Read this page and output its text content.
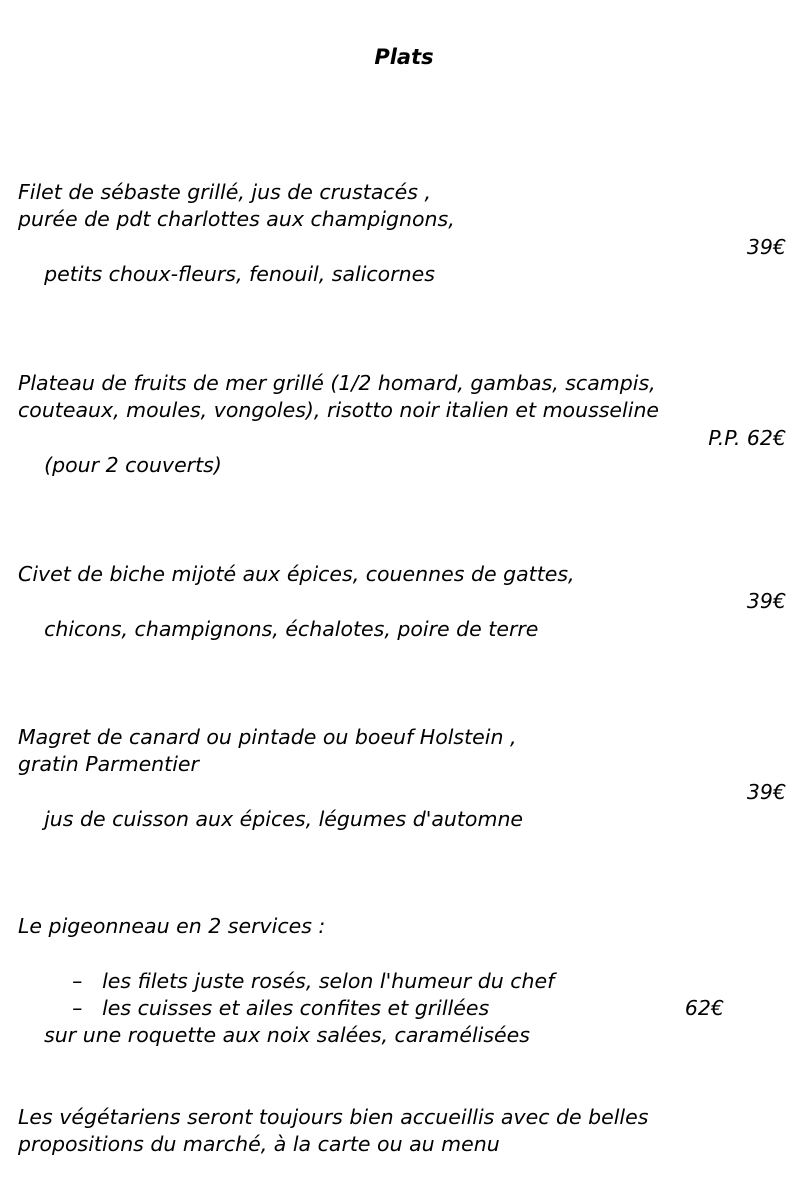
Plats
Filet de sébaste grillé, jus de crustacés ,
purée de pdt charlottes aux champignons,

petits choux-fleurs, fenouil, salicornes

39€

Plateau de fruits de mer grillé (1/2 homard, gambas, scampis,
couteaux, moules, vongoles), risotto noir italien et mousseline

(pour 2 couverts)

P.P. 62€

Civet de biche mijoté aux épices, couennes de gattes,

chicons, champignons, échalotes, poire de terre

39€

Magret de canard ou pintade ou boeuf Holstein ,
gratin Parmentier

jus de cuisson aux épices, légumes d'automne

39€

Le pigeonneau en 2 services :

– les filets juste rosés, selon l'humeur du chef

– les cuisses et ailes confites et grillées

sur une roquette aux noix salées, caramélisées

62€

Les végétariens seront toujours bien accueillis avec de belles
propositions du marché, à la carte ou au menu
